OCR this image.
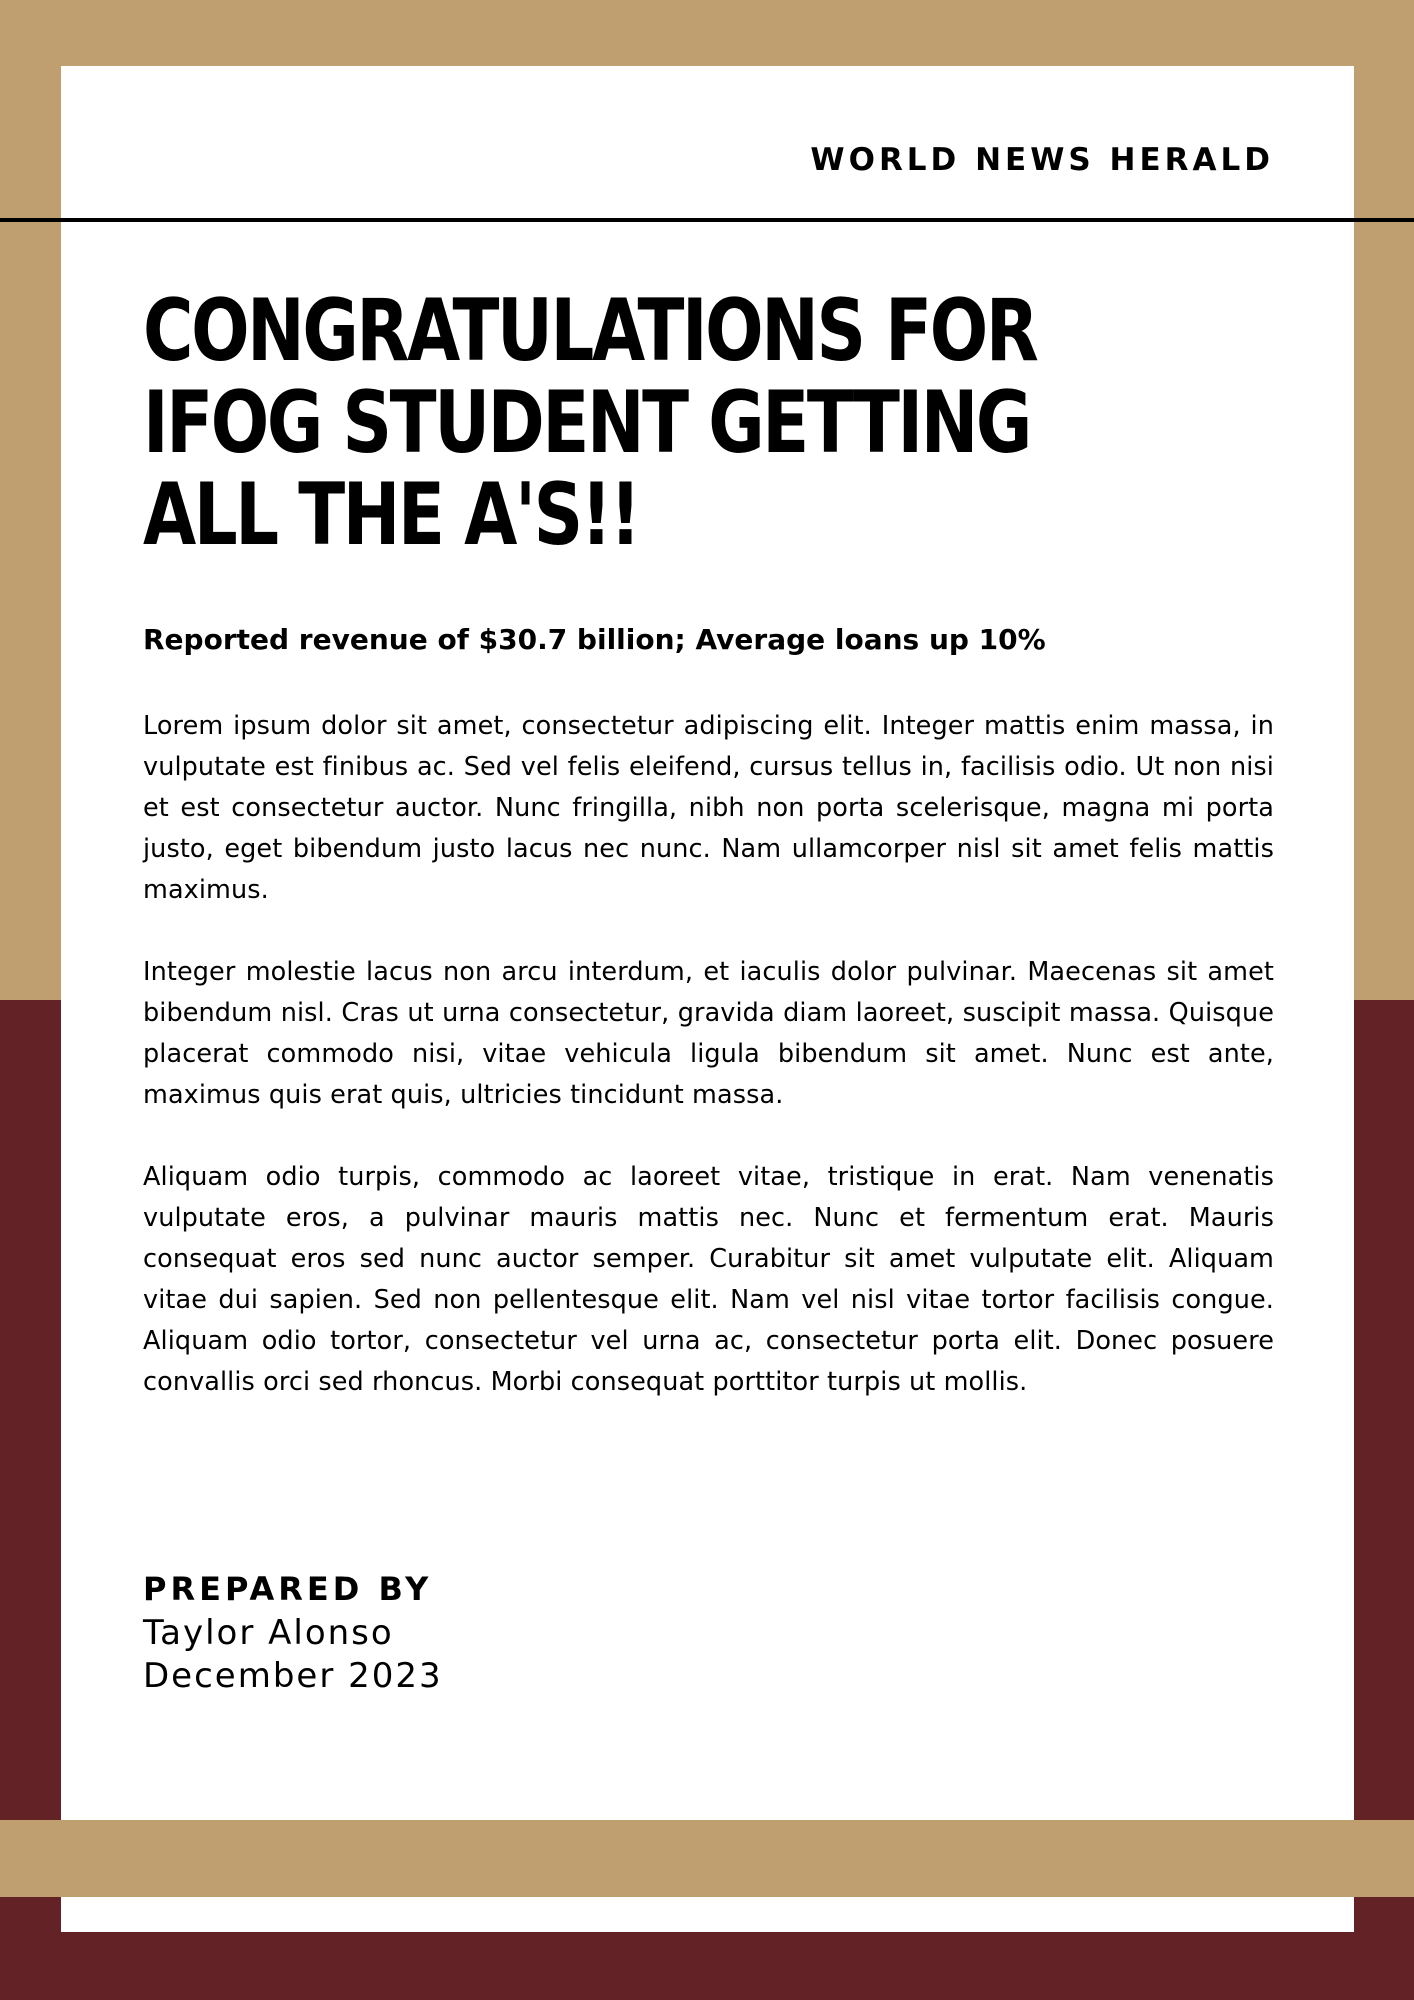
WORLD NEWS HERALD
CONGRATULATIONS FOR IFOG STUDENT GETTING ALL THE A'S!!

Reported revenue of $30.7 billion; Average loans up 10%

Lorem ipsum dolor sit amet, consectetur adipiscing elit. Integer mattis enim massa, in vulputate est finibus ac. Sed vel felis eleifend, cursus tellus in, facilisis odio. Ut non nisi et est consectetur auctor. Nunc fringilla, nibh non porta scelerisque, magna mi porta justo, eget bibendum justo lacus nec nunc. Nam ullamcorper nisl sit amet felis mattis maximus.

Integer molestie lacus non arcu interdum, et iaculis dolor pulvinar. Maecenas sit amet bibendum nisl. Cras ut urna consectetur, gravida diam laoreet, suscipit massa. Quisque placerat commodo nisi, vitae vehicula ligula bibendum sit amet. Nunc est ante, maximus quis erat quis, ultricies tincidunt massa.

Aliquam odio turpis, commodo ac laoreet vitae, tristique in erat. Nam venenatis vulputate eros, a pulvinar mauris mattis nec. Nunc et fermentum erat. Mauris consequat eros sed nunc auctor semper. Curabitur sit amet vulputate elit. Aliquam vitae dui sapien. Sed non pellentesque elit. Nam vel nisl vitae tortor facilisis congue. Aliquam odio tortor, consectetur vel urna ac, consectetur porta elit. Donec posuere convallis orci sed rhoncus. Morbi consequat porttitor turpis ut mollis.

PREPARED BY
Taylor Alonso
December 2023
